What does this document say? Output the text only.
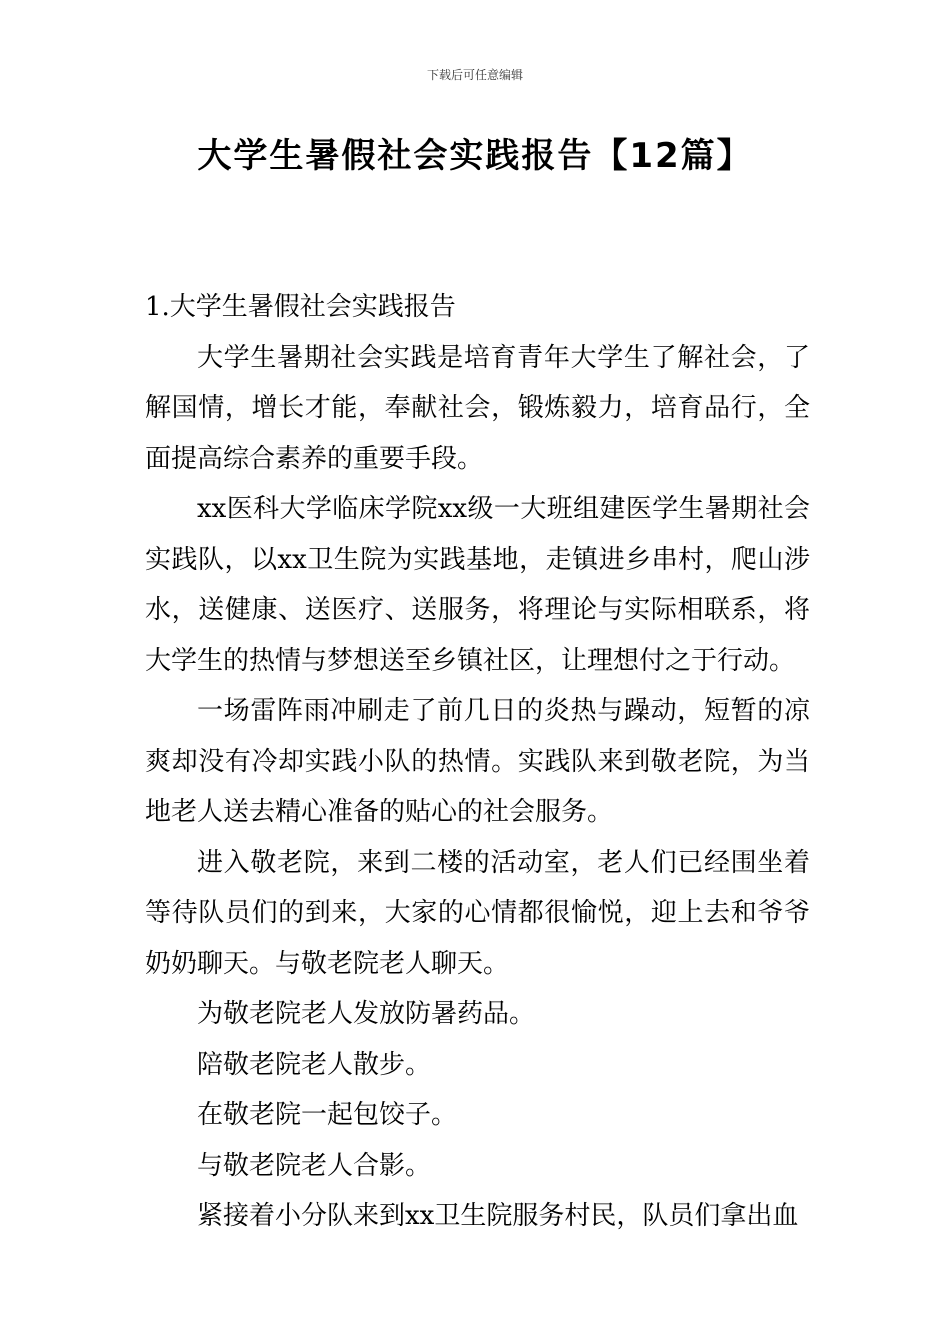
下载后可任意编辑
大学生暑假社会实践报告【12篇】

1.大学生暑假社会实践报告

大学生暑期社会实践是培育青年大学生了解社会，了解国情，增长才能，奉献社会，锻炼毅力，培育品行，全面提高综合素养的重要手段。

xx医科大学临床学院xx级一大班组建医学生暑期社会实践队，以xx卫生院为实践基地，走镇进乡串村，爬山涉水，送健康、送医疗、送服务，将理论与实际相联系，将大学生的热情与梦想送至乡镇社区，让理想付之于行动。

一场雷阵雨冲刷走了前几日的炎热与躁动，短暂的凉爽却没有冷却实践小队的热情。实践队来到敬老院，为当地老人送去精心准备的贴心的社会服务。

进入敬老院，来到二楼的活动室，老人们已经围坐着等待队员们的到来，大家的心情都很愉悦，迎上去和爷爷奶奶聊天。与敬老院老人聊天。

为敬老院老人发放防暑药品。

陪敬老院老人散步。

在敬老院一起包饺子。

与敬老院老人合影。

紧接着小分队来到xx卫生院服务村民，队员们拿出血
